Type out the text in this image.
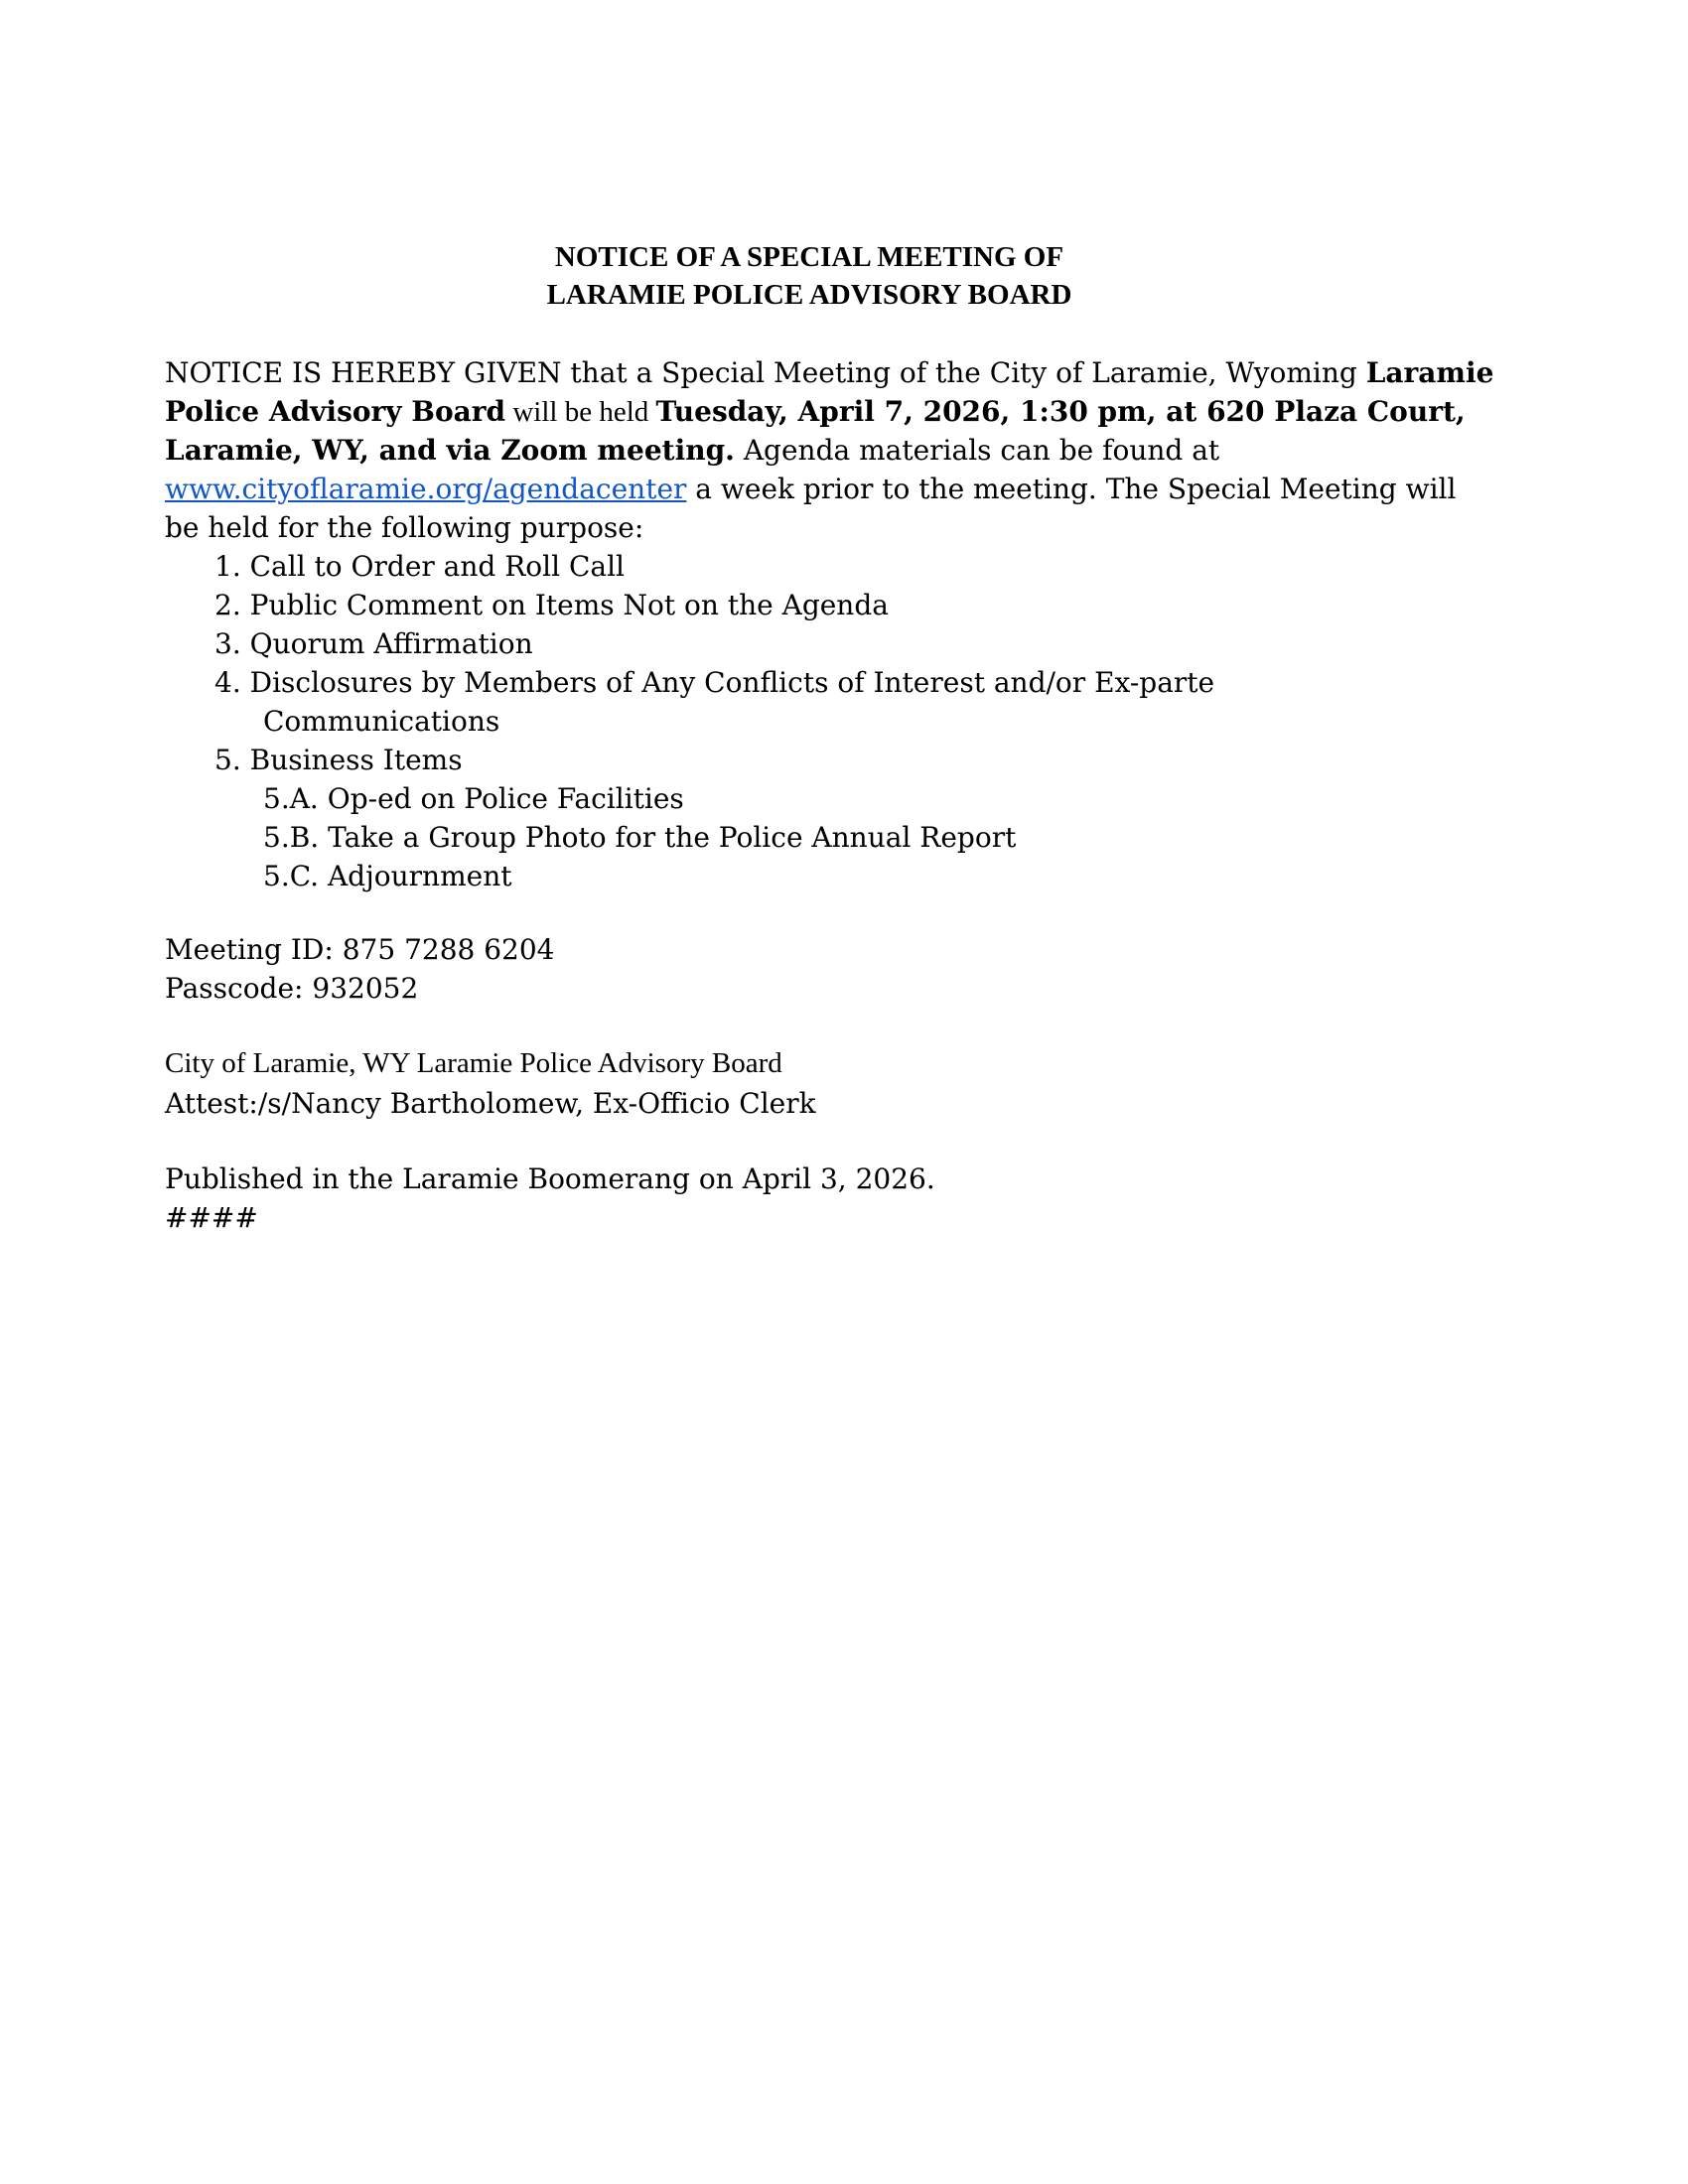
NOTICE OF A SPECIAL MEETING OF
LARAMIE POLICE ADVISORY BOARD
NOTICE IS HEREBY GIVEN that a Special Meeting of the City of Laramie, Wyoming Laramie
Police Advisory Board will be held Tuesday, April 7, 2026, 1:30 pm, at 620 Plaza Court,
Laramie, WY, and via Zoom meeting. Agenda materials can be found at
www.cityoflaramie.org/agendacenter a week prior to the meeting. The Special Meeting will
be held for the following purpose:
1. Call to Order and Roll Call
2. Public Comment on Items Not on the Agenda
3. Quorum Affirmation
4. Disclosures by Members of Any Conflicts of Interest and/or Ex-parte
Communications
5. Business Items
5.A. Op-ed on Police Facilities
5.B. Take a Group Photo for the Police Annual Report
5.C. Adjournment
Meeting ID: 875 7288 6204
Passcode: 932052
City of Laramie, WY Laramie Police Advisory Board
Attest:/s/Nancy Bartholomew, Ex-Officio Clerk
Published in the Laramie Boomerang on April 3, 2026.
####
